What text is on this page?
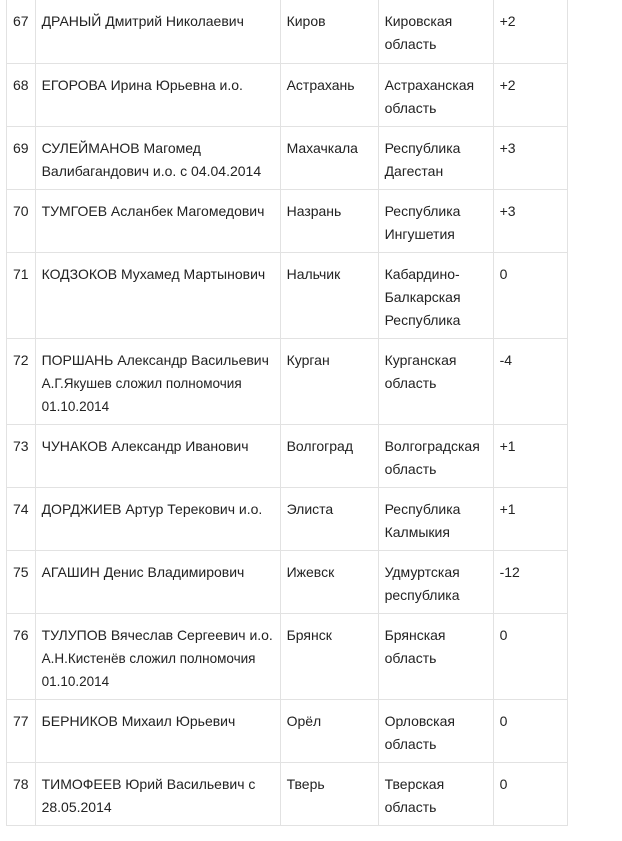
67	ДРАНЫЙ Дмитрий Николаевич	Киров	Кировская область	+2
68	ЕГОРОВА Ирина Юрьевна и.о.	Астрахань	Астраханская область	+2
69	СУЛЕЙМАНОВ Магомед Валибагандович и.о. с 04.04.2014	Махачкала	Республика Дагестан	+3
70	ТУМГОЕВ Асланбек Магомедович	Назрань	Республика Ингушетия	+3
71	КОДЗОКОВ Мухамед Мартынович	Нальчик	Кабардино-Балкарская Республика	0
72	ПОРШАНЬ Александр Васильевич А.Г.Якушев сложил полномочия 01.10.2014	Курган	Курганская область	-4
73	ЧУНАКОВ Александр Иванович	Волгоград	Волгоградская область	+1
74	ДОРДЖИЕВ Артур Терекович и.о.	Элиста	Республика Калмыкия	+1
75	АГАШИН Денис Владимирович	Ижевск	Удмуртская республика	-12
76	ТУЛУПОВ Вячеслав Сергеевич и.о. А.Н.Кистенёв сложил полномочия 01.10.2014	Брянск	Брянская область	0
77	БЕРНИКОВ Михаил Юрьевич	Орёл	Орловская область	0
78	ТИМОФЕЕВ Юрий Васильевич с 28.05.2014	Тверь	Тверская область	0
